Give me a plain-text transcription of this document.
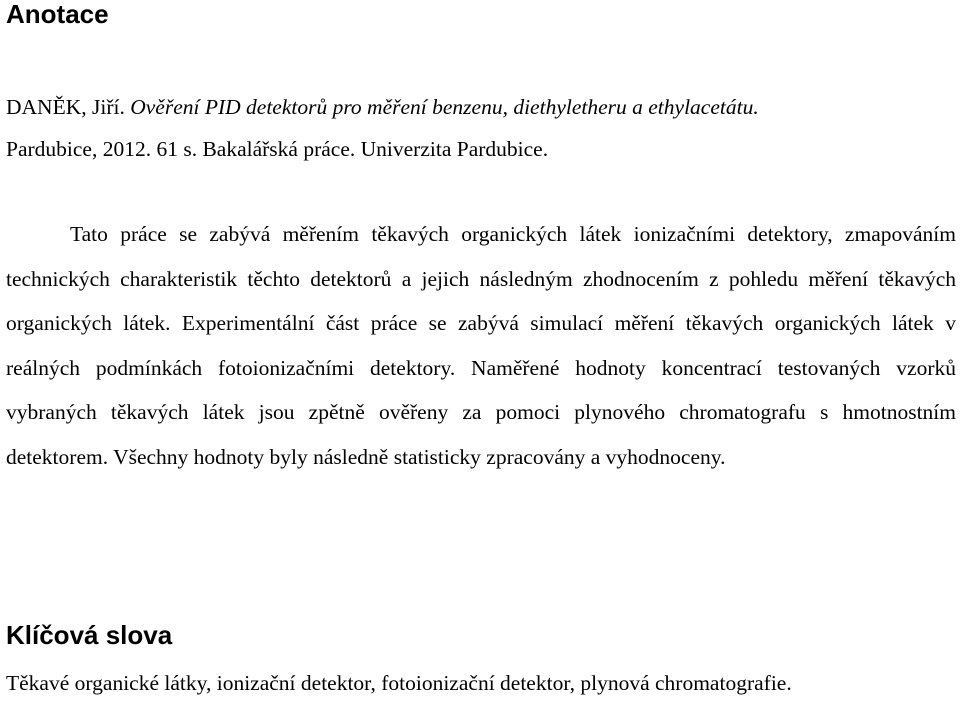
Anotace
DANĚK, Jiří. Ověření PID detektorů pro měření benzenu, diethyletheru a ethylacetátu.
Pardubice, 2012. 61 s. Bakalářská práce. Univerzita Pardubice.

Tato práce se zabývá měřením těkavých organických látek ionizačními detektory, zmapováním technických charakteristik těchto detektorů a jejich následným zhodnocením z pohledu měření těkavých organických látek. Experimentální část práce se zabývá simulací měření těkavých organických látek v reálných podmínkách fotoionizačními detektory. Naměřené hodnoty koncentrací testovaných vzorků vybraných těkavých látek jsou zpětně ověřeny za pomoci plynového chromatografu s hmotnostním detektorem. Všechny hodnoty byly následně statisticky zpracovány a vyhodnoceny.

Klíčová slova
Těkavé organické látky, ionizační detektor, fotoionizační detektor, plynová chromatografie.
